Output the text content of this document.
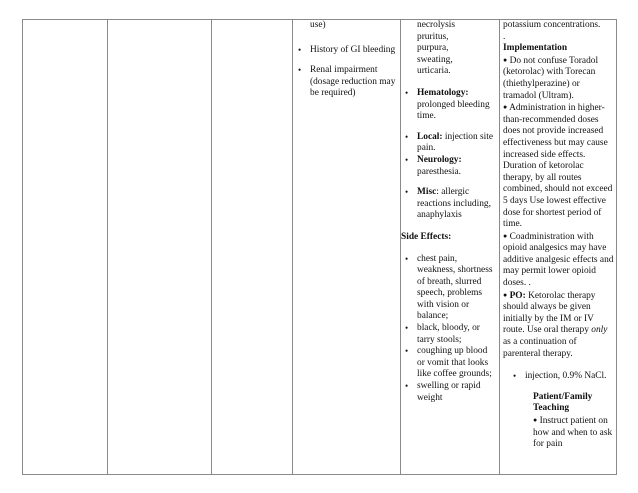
use)
• History of GI bleeding
• Renal impairment (dosage reduction may be required)
necrolysis
pruritus,
purpura,
sweating,
urticaria.
• Hematology:
prolonged bleeding time.
• Local: injection site pain.
• Neurology:
paresthesia.
• Misc: allergic reactions including, anaphylaxis
Side Effects:
• chest pain, weakness, shortness of breath, slurred speech, problems with vision or balance;
• black, bloody, or tarry stools;
• coughing up blood or vomit that looks like coffee grounds;
• swelling or rapid weight
potassium concentrations.
.
Implementation
● Do not confuse Toradol (ketorolac) with Torecan (thiethylperazine) or tramadol (Ultram).
● Administration in higher-than-recommended doses does not provide increased effectiveness but may cause increased side effects. Duration of ketorolac therapy, by all routes combined, should not exceed 5 days Use lowest effective dose for shortest period of time.
● Coadministration with opioid analgesics may have additive analgesic effects and may permit lower opioid doses. .
● PO: Ketorolac therapy should always be given initially by the IM or IV route. Use oral therapy only as a continuation of parenteral therapy.
• injection, 0.9% NaCl.
Patient/Family Teaching
● Instruct patient on how and when to ask for pain
